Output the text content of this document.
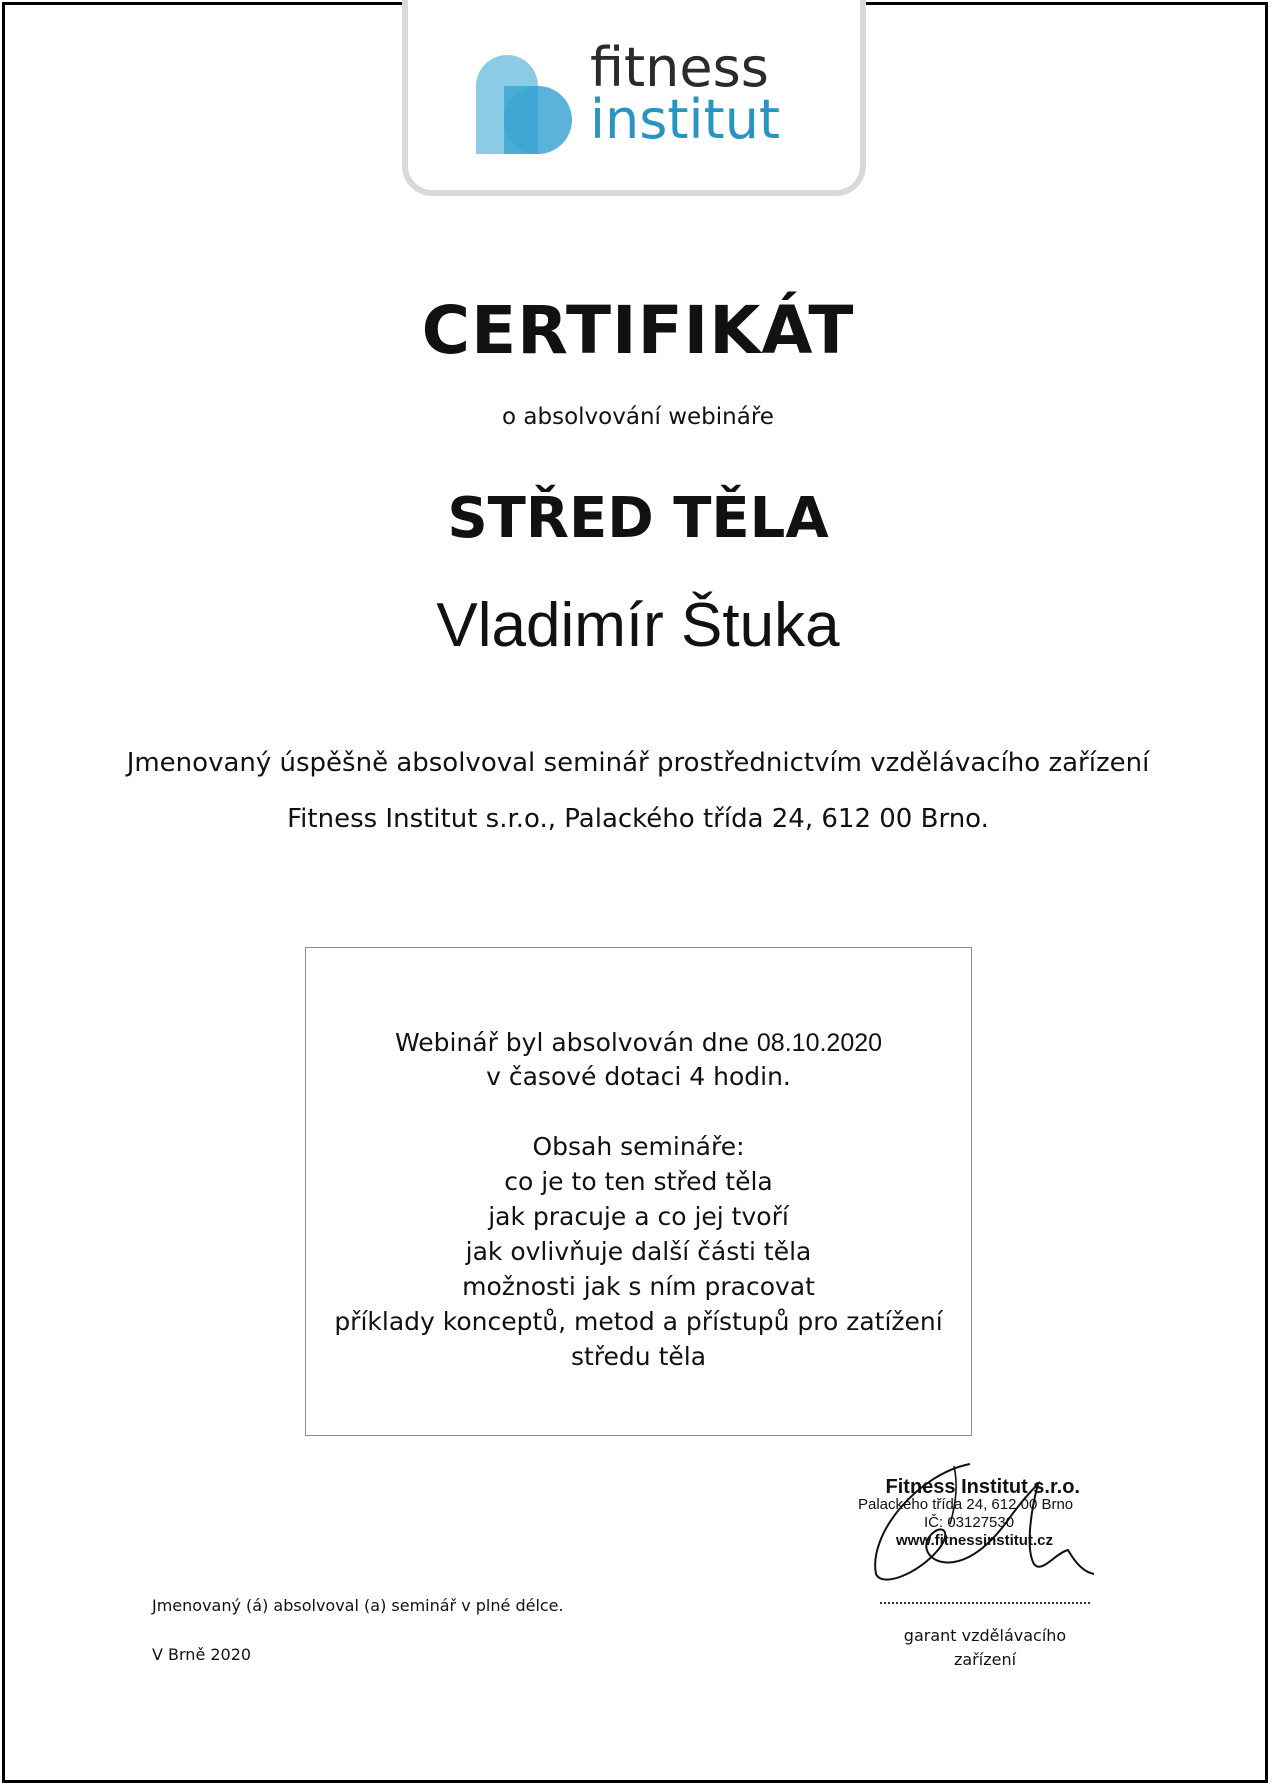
fitness
institut
CERTIFIKÁT
o absolvování webináře
STŘED TĚLA
Vladimír Štuka
Jmenovaný úspěšně absolvoval seminář prostřednictvím vzdělávacího zařízení
Fitness Institut s.r.o., Palackého třída 24, 612 00 Brno.
Webinář byl absolvován dne 08.10.2020
v časové dotaci 4 hodin.
Obsah semináře:
co je to ten střed těla
jak pracuje a co jej tvoří
jak ovlivňuje další části těla
možnosti jak s ním pracovat
příklady konceptů, metod a přístupů pro zatížení
středu těla
Fitness Institut s.r.o.
Palackého třída 24, 612 00 Brno
IČ: 03127530
www.fitnessinstitut.cz
garant vzdělávacího
zařízení
Jmenovaný (á) absolvoval (a) seminář v plné délce.
V Brně 2020
